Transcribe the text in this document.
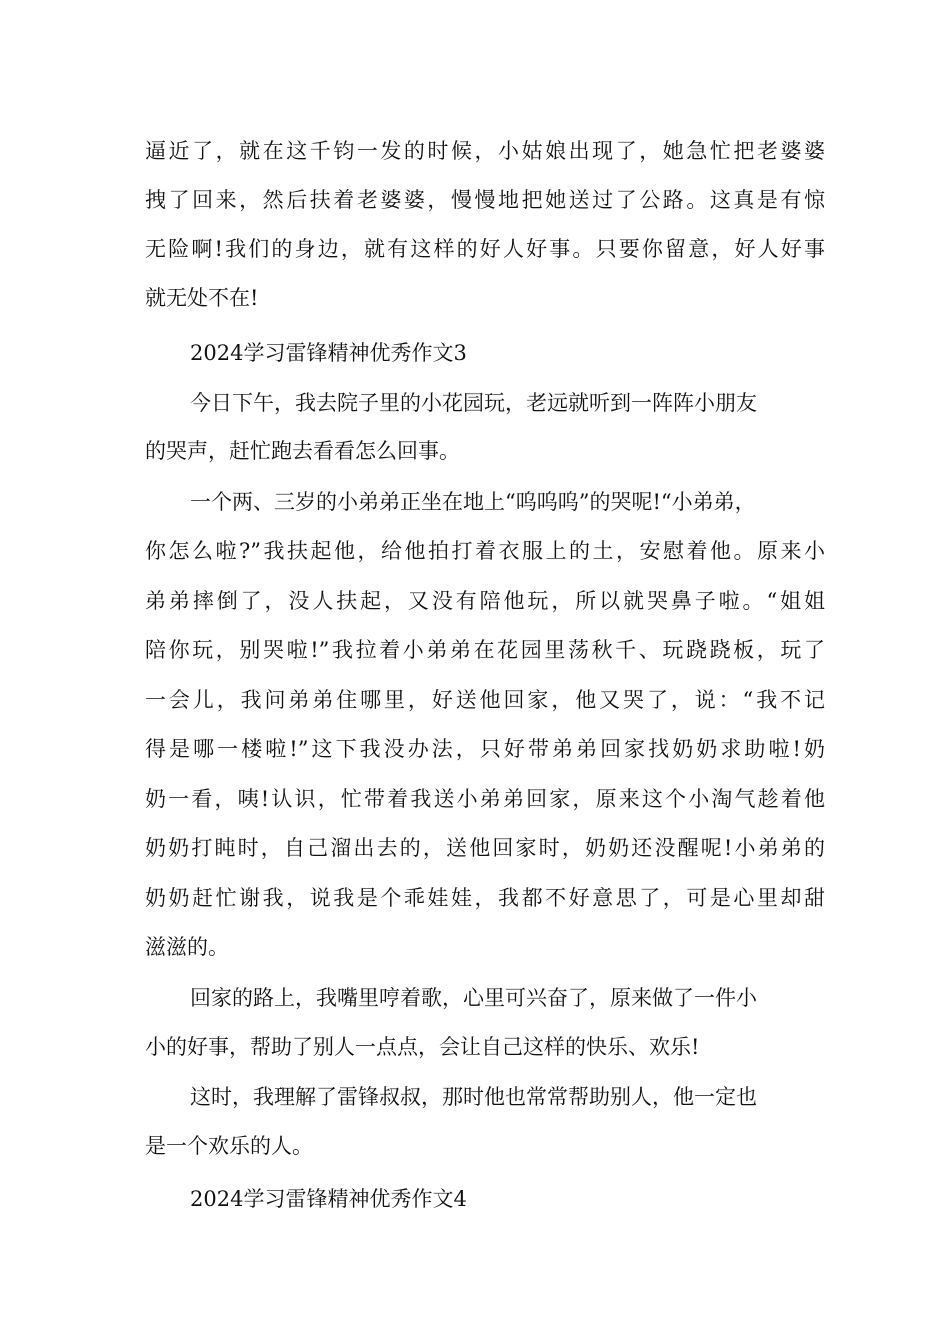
逼近了，就在这千钧一发的时候，小姑娘出现了，她急忙把老婆婆
拽了回来，然后扶着老婆婆，慢慢地把她送过了公路。这真是有惊
无险啊!我们的身边，就有这样的好人好事。只要你留意，好人好事
就无处不在!
2024学习雷锋精神优秀作文3
今日下午，我去院子里的小花园玩，老远就听到一阵阵小朋友
的哭声，赶忙跑去看看怎么回事。
一个两、三岁的小弟弟正坐在地上“呜呜呜”的哭呢!“小弟弟，
你怎么啦?”我扶起他，给他拍打着衣服上的土，安慰着他。原来小
弟弟摔倒了，没人扶起，又没有陪他玩，所以就哭鼻子啦。“姐姐
陪你玩，别哭啦!”我拉着小弟弟在花园里荡秋千、玩跷跷板，玩了
一会儿，我问弟弟住哪里，好送他回家，他又哭了，说：“我不记
得是哪一楼啦!”这下我没办法，只好带弟弟回家找奶奶求助啦!奶
奶一看，咦!认识，忙带着我送小弟弟回家，原来这个小淘气趁着他
奶奶打盹时，自己溜出去的，送他回家时，奶奶还没醒呢!小弟弟的
奶奶赶忙谢我，说我是个乖娃娃，我都不好意思了，可是心里却甜
滋滋的。
回家的路上，我嘴里哼着歌，心里可兴奋了，原来做了一件小
小的好事，帮助了别人一点点，会让自己这样的快乐、欢乐!
这时，我理解了雷锋叔叔，那时他也常常帮助别人，他一定也
是一个欢乐的人。
2024学习雷锋精神优秀作文4
